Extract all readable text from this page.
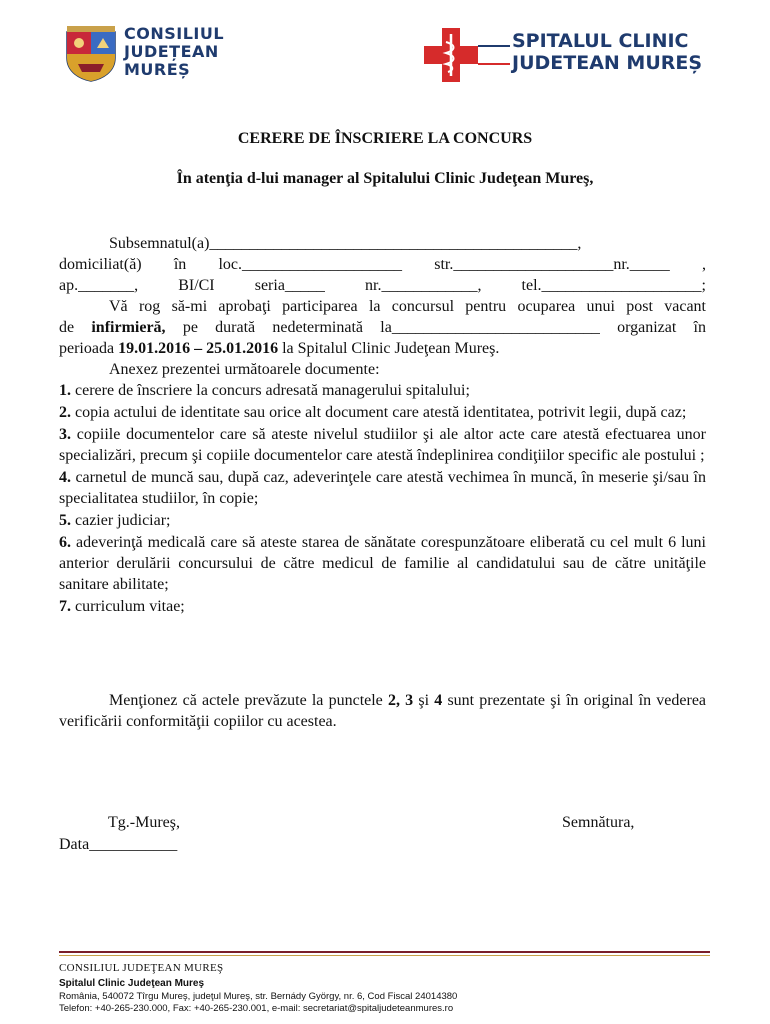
CONSILIUL
JUDEȚEAN
MUREȘ
SPITALUL CLINIC
JUDETEAN MUREȘ
CERERE DE ÎNSCRIERE LA CONCURS
În atenţia d-lui manager al Spitalului Clinic Judeţean Mureş,

Subsemnatul(a)______________________________________________,

domiciliat(ă) în loc.____________________ str.____________________nr._____ ,

ap._______, BI/CI seria_____ nr.____________, tel.____________________;

Vă rog să-mi aprobaţi participarea la concursul pentru ocuparea unui post vacant

de infirmieră, pe durată nedeterminată la__________________________ organizat în

perioada 19.01.2016 – 25.01.2016 la Spitalul Clinic Judeţean Mureş.

Anexez prezentei următoarele documente:

1. cerere de înscriere la concurs adresată managerului spitalului;

2. copia actului de identitate sau orice alt document care atestă identitatea, potrivit legii, după caz;

3. copiile documentelor care să ateste nivelul studiilor şi ale altor acte care atestă efectuarea unor specializări, precum şi copiile documentelor care atestă îndeplinirea condiţiilor specific ale postului ;

4. carnetul de muncă sau, după caz, adeverinţele care atestă vechimea în muncă, în meserie şi/sau în specialitatea studiilor, în copie;

5. cazier judiciar;

6. adeverinţă medicală care să ateste starea de sănătate corespunzătoare eliberată cu cel mult 6 luni anterior derulării concursului de către medicul de familie al candidatului sau de către unităţile sanitare abilitate;

7. curriculum vitae;

Menţionez că actele prevăzute la punctele 2, 3 şi 4 sunt prezentate şi în original în vederea verificării conformităţii copiilor cu acestea.
Tg.-Mureş,
Data___________
Semnătura,
CONSILIUL JUDEŢEAN MUREŞ
Spitalul Clinic Judeţean Mureş
România, 540072 Tîrgu Mureş, judeţul Mureş, str. Bernády György, nr. 6, Cod Fiscal 24014380
Telefon: +40-265-230.000, Fax: +40-265-230.001, e-mail: secretariat@spitaljudeteanmures.ro
